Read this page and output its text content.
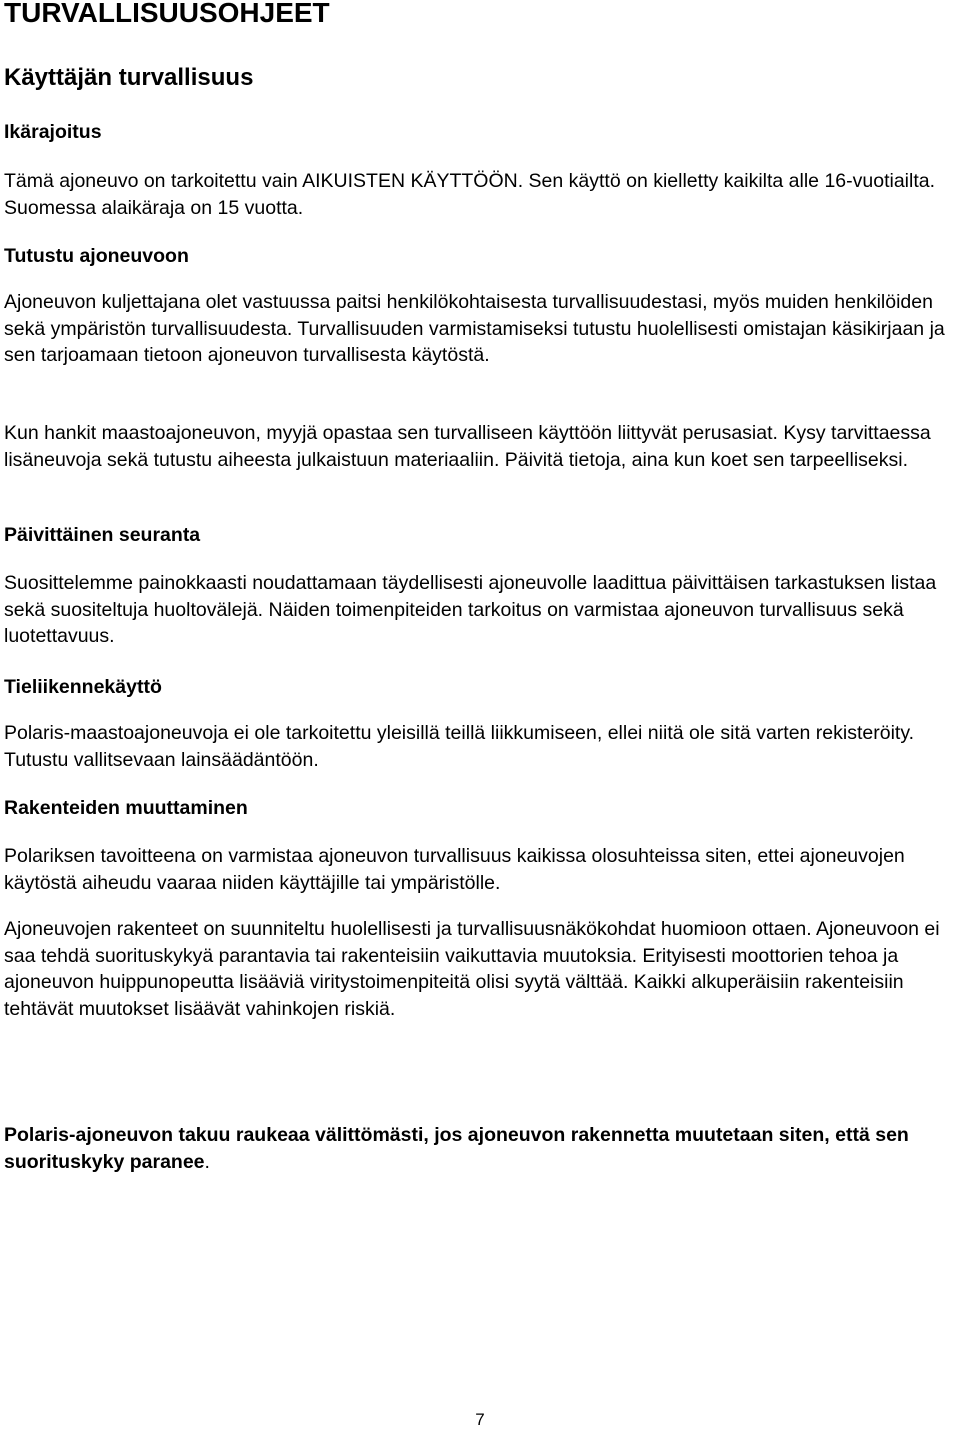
TURVALLISUUSOHJEET
Käyttäjän turvallisuus
Ikärajoitus

Tämä ajoneuvo on tarkoitettu vain AIKUISTEN KÄYTTÖÖN. Sen käyttö on kielletty kaikilta alle 16-vuotiailta. Suomessa alaikäraja on 15 vuotta.

Tutustu ajoneuvoon

Ajoneuvon kuljettajana olet vastuussa paitsi henkilökohtaisesta turvallisuudestasi, myös muiden henkilöiden sekä ympäristön turvallisuudesta. Turvallisuuden varmistamiseksi tutustu huolellisesti omistajan käsikirjaan ja sen tarjoamaan tietoon ajoneuvon turvallisesta käytöstä.

Kun hankit maastoajoneuvon, myyjä opastaa sen turvalliseen käyttöön liittyvät perusasiat. Kysy tarvittaessa lisäneuvoja sekä tutustu aiheesta julkaistuun materiaaliin. Päivitä tietoja, aina kun koet sen tarpeelliseksi.

Päivittäinen seuranta

Suosittelemme painokkaasti noudattamaan täydellisesti ajoneuvolle laadittua päivittäisen tarkastuksen listaa sekä suositeltuja huoltovälejä. Näiden toimenpiteiden tarkoitus on varmistaa ajoneuvon turvallisuus sekä luotettavuus.

Tieliikennekäyttö

Polaris-maastoajoneuvoja ei ole tarkoitettu yleisillä teillä liikkumiseen, ellei niitä ole sitä varten rekisteröity. Tutustu vallitsevaan lainsäädäntöön.

Rakenteiden muuttaminen

Polariksen tavoitteena on varmistaa ajoneuvon turvallisuus kaikissa olosuhteissa siten, ettei ajoneuvojen käytöstä aiheudu vaaraa niiden käyttäjille tai ympäristölle.

Ajoneuvojen rakenteet on suunniteltu huolellisesti ja turvallisuusnäkökohdat huomioon ottaen. Ajoneuvoon ei saa tehdä suorituskykyä parantavia tai rakenteisiin vaikuttavia muutoksia. Erityisesti moottorien tehoa ja ajoneuvon huippunopeutta lisääviä viritystoimenpiteitä olisi syytä välttää. Kaikki alkuperäisiin rakenteisiin tehtävät muutokset lisäävät vahinkojen riskiä.

Polaris-ajoneuvon takuu raukeaa välittömästi, jos ajoneuvon rakennetta muutetaan siten, että sen suorituskyky paranee.

7
